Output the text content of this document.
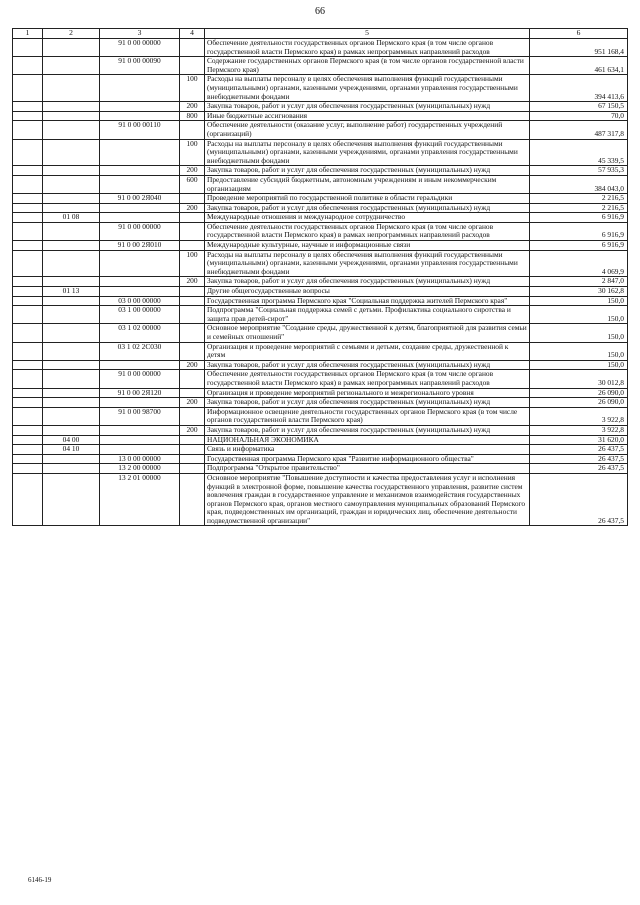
66
1	2	3	4	5	6
		91 0 00 00000		Обеспечение деятельности государственных органов Пермского края (в том числе органов государственной власти Пермского края) в рамках непрограммных направлений расходов	951 168,4
		91 0 00 00090		Содержание государственных органов Пермского края (в том числе органов государственной власти Пермского края)	461 634,1
			100	Расходы на выплаты персоналу в целях обеспечения выполнения функций государственными (муниципальными) органами, казенными учреждениями, органами управления государственными внебюджетными фондами	394 413,6
			200	Закупка товаров, работ и услуг для обеспечения государственных (муниципальных) нужд	67 150,5
			800	Иные бюджетные ассигнования	70,0
		91 0 00 00110		Обеспечение деятельности (оказание услуг, выполнение работ) государственных учреждений (организаций)	487 317,8
			100	Расходы на выплаты персоналу в целях обеспечения выполнения функций государственными (муниципальными) органами, казенными учреждениями, органами управления государственными внебюджетными фондами	45 339,5
			200	Закупка товаров, работ и услуг для обеспечения государственных (муниципальных) нужд	57 935,3
			600	Предоставление субсидий бюджетным, автономным учреждениям и иным некоммерческим организациям	384 043,0
		91 0 00 2Я040		Проведение мероприятий по государственной политике в области геральдики	2 216,5
			200	Закупка товаров, работ и услуг для обеспечения государственных (муниципальных) нужд	2 216,5
	01 08			Международные отношения и международное сотрудничество	6 916,9
		91 0 00 00000		Обеспечение деятельности государственных органов Пермского края (в том числе органов государственной власти Пермского края) в рамках непрограммных направлений расходов	6 916,9
		91 0 00 2Я010		Международные культурные, научные и информационные связи	6 916,9
			100	Расходы на выплаты персоналу в целях обеспечения выполнения функций государственными (муниципальными) органами, казенными учреждениями, органами управления государственными внебюджетными фондами	4 069,9
			200	Закупка товаров, работ и услуг для обеспечения государственных (муниципальных) нужд	2 847,0
	01 13			Другие общегосударственные вопросы	30 162,8
		03 0 00 00000		Государственная программа Пермского края "Социальная поддержка жителей Пермского края"	150,0
		03 1 00 00000		Подпрограмма "Социальная поддержка семей с детьми. Профилактика социального сиротства и защита прав детей-сирот"	150,0
		03 1 02 00000		Основное мероприятие "Создание среды, дружественной к детям, благоприятной для развития семьи и семейных отношений"	150,0
		03 1 02 2С030		Организация и проведение мероприятий с семьями и детьми, создание среды, дружественной к детям	150,0
			200	Закупка товаров, работ и услуг для обеспечения государственных (муниципальных) нужд	150,0
		91 0 00 00000		Обеспечение деятельности государственных органов Пермского края (в том числе органов государственной власти Пермского края) в рамках непрограммных направлений расходов	30 012,8
		91 0 00 2Я120		Организация и проведение мероприятий регионального и межрегионального уровня	26 090,0
			200	Закупка товаров, работ и услуг для обеспечения государственных (муниципальных) нужд	26 090,0
		91 0 00 98700		Информационное освещение деятельности государственных органов Пермского края (в том числе органов государственной власти Пермского края)	3 922,8
			200	Закупка товаров, работ и услуг для обеспечения государственных (муниципальных) нужд	3 922,8
	04 00			НАЦИОНАЛЬНАЯ ЭКОНОМИКА	31 620,0
	04 10			Связь и информатика	26 437,5
		13 0 00 00000		Государственная программа Пермского края "Развитие информационного общества"	26 437,5
		13 2 00 00000		Подпрограмма "Открытое правительство"	26 437,5
		13 2 01 00000		Основное мероприятие "Повышение доступности и качества предоставления услуг и исполнения функций в электронной форме, повышение качества государственного управления, развитие систем вовлечения граждан в государственное управление и механизмов взаимодействия государственных органов Пермского края, органов местного самоуправления муниципальных образований Пермского края, подведомственных им организаций, граждан и юридических лиц, обеспечение деятельности подведомственной организации"	26 437,5
6146-19
